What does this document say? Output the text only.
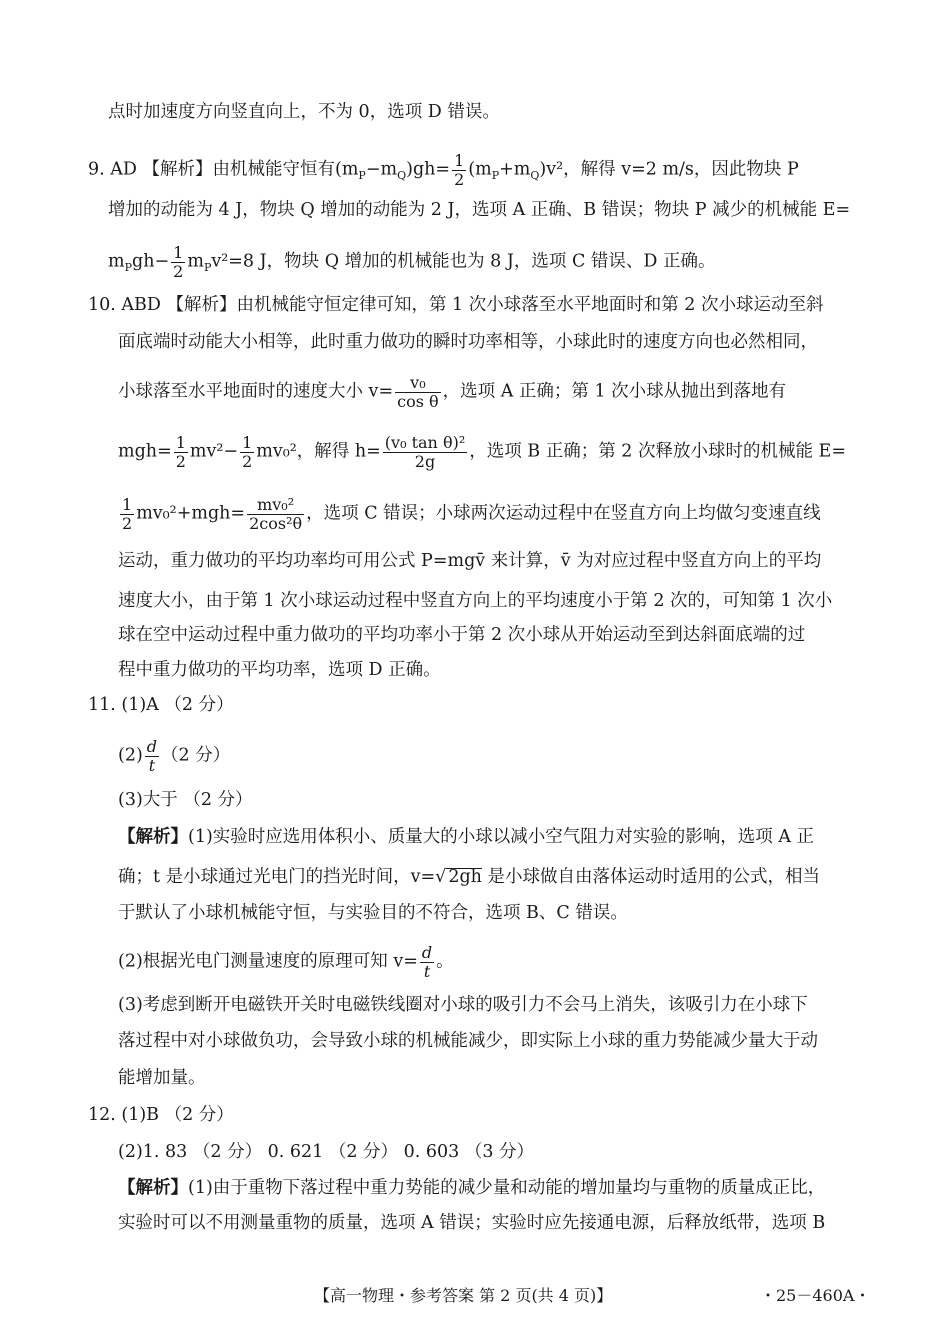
点时加速度方向竖直向上，不为 0，选项 D 错误。
9. AD 【解析】由机械能守恒有$(m_P-m_Q)gh= \frac{1}{2} (m_P+m_Q)v^2$，解得 v=2 m/s，因此物块 P
增加的动能为 4 J，物块 Q 增加的动能为 2 J，选项 A 正确、B 错误；物块 P 减少的机械能 E=
$m_Pgh- \frac{1}{2} m_Pv^2=8$ J，物块 Q 增加的机械能也为 8 J，选项 C 错误、D 正确。
10. ABD 【解析】由机械能守恒定律可知，第 1 次小球落至水平地面时和第 2 次小球运动至斜
面底端时动能大小相等，此时重力做功的瞬时功率相等，小球此时的速度方向也必然相同，
小球落至水平地面时的速度大小 $v= \frac{\text{v₀}}{\text{cos θ}}$ ，选项 A 正确；第 1 次小球从抛出到落地有
$mgh= \frac{1}{2} mv^2- \frac{1}{2} mv_0^2$，解得 $h= \frac{\text{(v₀ tan θ)²}}{2g}$ ，选项 B 正确；第 2 次释放小球时的机械能 E=
$\frac{1}{2} mv_0^2+mgh= \frac{\text{mv₀²}}{\text{2cos²θ}}$ ，选项 C 错误；小球两次运动过程中在竖直方向上均做匀变速直线
运动，重力做功的平均功率均可用公式 P=mgv̄ 来计算，v̄ 为对应过程中竖直方向上的平均
速度大小，由于第 1 次小球运动过程中竖直方向上的平均速度小于第 2 次的，可知第 1 次小
球在空中运动过程中重力做功的平均功率小于第 2 次小球从开始运动至到达斜面底端的过
程中重力做功的平均功率，选项 D 正确。
11. (1)A （2 分）
$(2) \frac{d}{t} (2$ 分）
(3)大于 （2 分）
【解析】(1)实验时应选用体积小、质量大的小球以减小空气阻力对实验的影响，选项 A 正
确；t 是小球通过光电门的挡光时间，v=√ 2gh 是小球做自由落体运动时适用的公式，相当
于默认了小球机械能守恒，与实验目的不符合，选项 B、C 错误。
(2)根据光电门测量速度的原理可知 $v= \frac{d}{t}$ 。
(3)考虑到断开电磁铁开关时电磁铁线圈对小球的吸引力不会马上消失，该吸引力在小球下
落过程中对小球做负功，会导致小球的机械能减少，即实际上小球的重力势能减少量大于动
能增加量。
12. (1)B （2 分）
(2)1. 83 （2 分） 0. 621 （2 分） 0. 603 （3 分）
【解析】(1)由于重物下落过程中重力势能的减少量和动能的增加量均与重物的质量成正比，
实验时可以不用测量重物的质量，选项 A 错误；实验时应先接通电源，后释放纸带，选项 B
【高一物理・参考答案 第 2 页(共 4 页)】	・25－460A・
